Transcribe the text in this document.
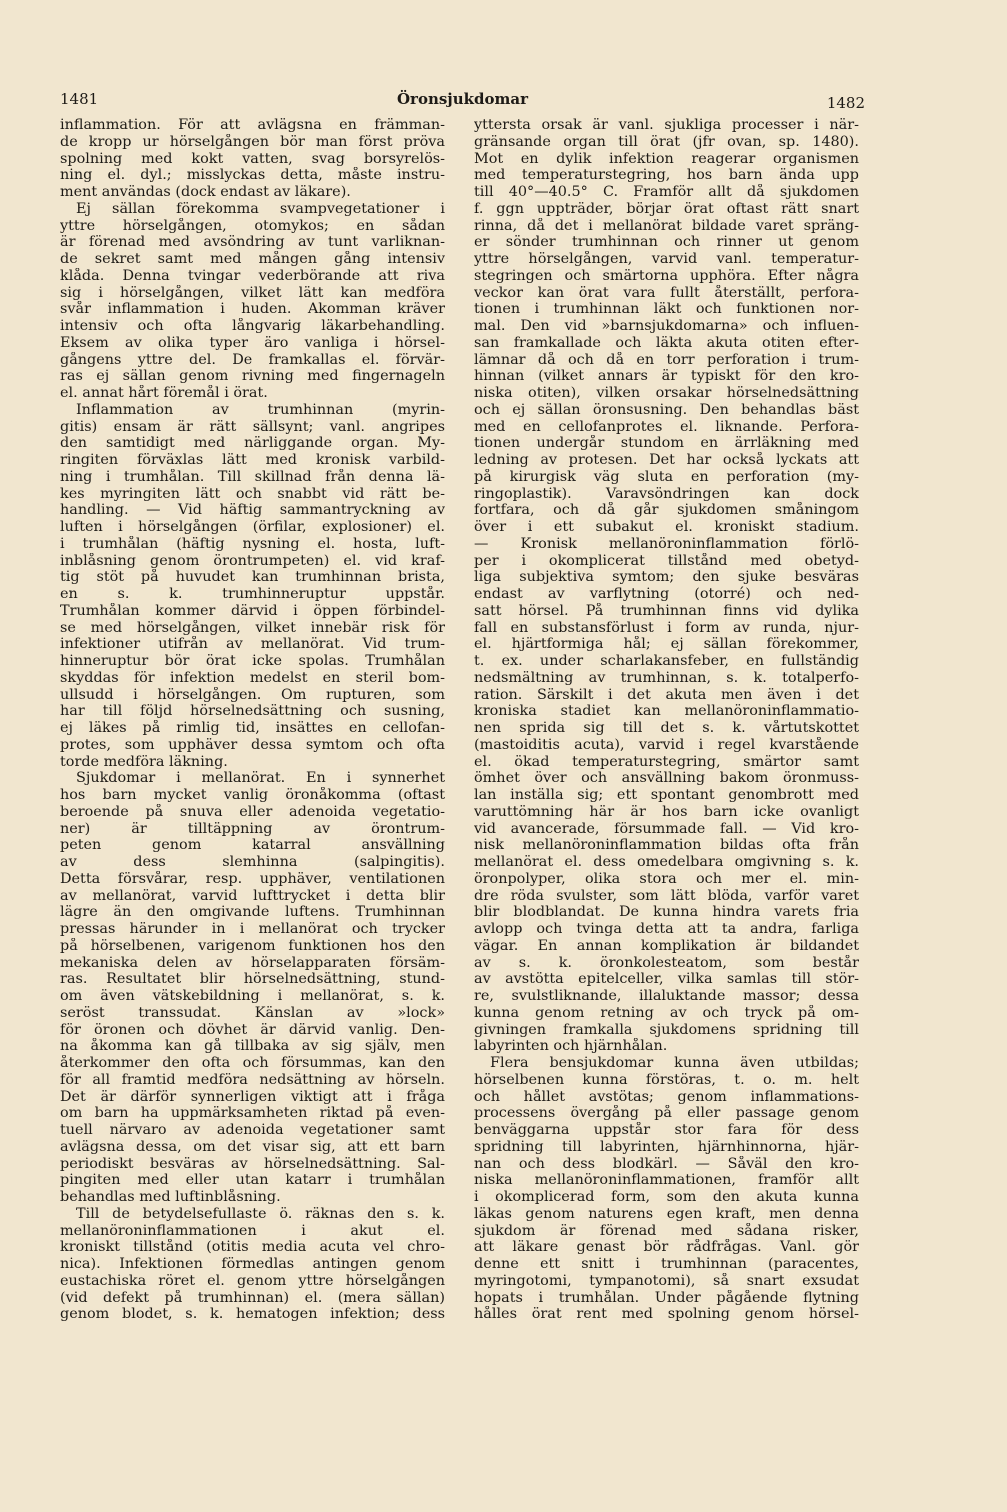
1481	Öronsjukdomar	1482
inflammation. För att avlägsna en främman-
de kropp ur hörselgången bör man först pröva
spolning med kokt vatten, svag borsyrelös-
ning el. dyl.; misslyckas detta, måste instru-
ment användas (dock endast av läkare).
Ej sällan förekomma svampvegetationer i
yttre hörselgången, otomykos; en sådan
är förenad med avsöndring av tunt varliknan-
de sekret samt med mången gång intensiv
klåda. Denna tvingar vederbörande att riva
sig i hörselgången, vilket lätt kan medföra
svår inflammation i huden. Akomman kräver
intensiv och ofta långvarig läkarbehandling.
Eksem av olika typer äro vanliga i hörsel-
gångens yttre del. De framkallas el. förvär-
ras ej sällan genom rivning med fingernageln
el. annat hårt föremål i örat.
Inflammation av trumhinnan (myrin-
gitis) ensam är rätt sällsynt; vanl. angripes
den samtidigt med närliggande organ. My-
ringiten förväxlas lätt med kronisk varbild-
ning i trumhålan. Till skillnad från denna lä-
kes myringiten lätt och snabbt vid rätt be-
handling. — Vid häftig sammantryckning av
luften i hörselgången (örfilar, explosioner) el.
i trumhålan (häftig nysning el. hosta, luft-
inblåsning genom örontrumpeten) el. vid kraf-
tig stöt på huvudet kan trumhinnan brista,
en s. k. trumhinneruptur uppstår.
Trumhålan kommer därvid i öppen förbindel-
se med hörselgången, vilket innebär risk för
infektioner utifrån av mellanörat. Vid trum-
hinneruptur bör örat icke spolas. Trumhålan
skyddas för infektion medelst en steril bom-
ullsudd i hörselgången. Om rupturen, som
har till följd hörselnedsättning och susning,
ej läkes på rimlig tid, insättes en cellofan-
protes, som upphäver dessa symtom och ofta
torde medföra läkning.
Sjukdomar i mellanörat. En i synnerhet
hos barn mycket vanlig öronåkomma (oftast
beroende på snuva eller adenoida vegetatio-
ner) är tilltäppning av örontrum-
peten genom katarral ansvällning
av dess slemhinna (salpingitis).
Detta försvårar, resp. upphäver, ventilationen
av mellanörat, varvid lufttrycket i detta blir
lägre än den omgivande luftens. Trumhinnan
pressas härunder in i mellanörat och trycker
på hörselbenen, varigenom funktionen hos den
mekaniska delen av hörselapparaten försäm-
ras. Resultatet blir hörselnedsättning, stund-
om även vätskebildning i mellanörat, s. k.
seröst transsudat. Känslan av »lock»
för öronen och dövhet är därvid vanlig. Den-
na åkomma kan gå tillbaka av sig själv, men
återkommer den ofta och försummas, kan den
för all framtid medföra nedsättning av hörseln.
Det är därför synnerligen viktigt att i fråga
om barn ha uppmärksamheten riktad på even-
tuell närvaro av adenoida vegetationer samt
avlägsna dessa, om det visar sig, att ett barn
periodiskt besväras av hörselnedsättning. Sal-
pingiten med eller utan katarr i trumhålan
behandlas med luftinblåsning.
Till de betydelsefullaste ö. räknas den s. k.
mellanöroninflammationen i akut el.
kroniskt tillstånd (otitis media acuta vel chro-
nica). Infektionen förmedlas antingen genom
eustachiska röret el. genom yttre hörselgången
(vid defekt på trumhinnan) el. (mera sällan)
genom blodet, s. k. hematogen infektion; dess
yttersta orsak är vanl. sjukliga processer i när-
gränsande organ till örat (jfr ovan, sp. 1480).
Mot en dylik infektion reagerar organismen
med temperaturstegring, hos barn ända upp
till 40°—40.5° C. Framför allt då sjukdomen
f. ggn uppträder, börjar örat oftast rätt snart
rinna, då det i mellanörat bildade varet spräng-
er sönder trumhinnan och rinner ut genom
yttre hörselgången, varvid vanl. temperatur-
stegringen och smärtorna upphöra. Efter några
veckor kan örat vara fullt återställt, perfora-
tionen i trumhinnan läkt och funktionen nor-
mal. Den vid »barnsjukdomarna» och influen-
san framkallade och läkta akuta otiten efter-
lämnar då och då en torr perforation i trum-
hinnan (vilket annars är typiskt för den kro-
niska otiten), vilken orsakar hörselnedsättning
och ej sällan öronsusning. Den behandlas bäst
med en cellofanprotes el. liknande. Perfora-
tionen undergår stundom en ärrläkning med
ledning av protesen. Det har också lyckats att
på kirurgisk väg sluta en perforation (my-
ringoplastik). Varavsöndringen kan dock
fortfara, och då går sjukdomen småningom
över i ett subakut el. kroniskt stadium.
— Kronisk mellanöroninflammation förlö-
per i okomplicerat tillstånd med obetyd-
liga subjektiva symtom; den sjuke besväras
endast av varflytning (otorré) och ned-
satt hörsel. På trumhinnan finns vid dylika
fall en substansförlust i form av runda, njur-
el. hjärtformiga hål; ej sällan förekommer,
t. ex. under scharlakansfeber, en fullständig
nedsmältning av trumhinnan, s. k. totalperfo-
ration. Särskilt i det akuta men även i det
kroniska stadiet kan mellanöroninflammatio-
nen sprida sig till det s. k. vårtutskottet
(mastoiditis acuta), varvid i regel kvarstående
el. ökad temperaturstegring, smärtor samt
ömhet över och ansvällning bakom öronmuss-
lan inställa sig; ett spontant genombrott med
varuttömning här är hos barn icke ovanligt
vid avancerade, försummade fall. — Vid kro-
nisk mellanöroninflammation bildas ofta från
mellanörat el. dess omedelbara omgivning s. k.
öronpolyper, olika stora och mer el. min-
dre röda svulster, som lätt blöda, varför varet
blir blodblandat. De kunna hindra varets fria
avlopp och tvinga detta att ta andra, farliga
vägar. En annan komplikation är bildandet
av s. k. öronkolesteatom, som består
av avstötta epitelceller, vilka samlas till stör-
re, svulstliknande, illaluktande massor; dessa
kunna genom retning av och tryck på om-
givningen framkalla sjukdomens spridning till
labyrinten och hjärnhålan.
Flera bensjukdomar kunna även utbildas;
hörselbenen kunna förstöras, t. o. m. helt
och hållet avstötas; genom inflammations-
processens övergång på eller passage genom
benväggarna uppstår stor fara för dess
spridning till labyrinten, hjärnhinnorna, hjär-
nan och dess blodkärl. — Såväl den kro-
niska mellanöroninflammationen, framför allt
i okomplicerad form, som den akuta kunna
läkas genom naturens egen kraft, men denna
sjukdom är förenad med sådana risker,
att läkare genast bör rådfrågas. Vanl. gör
denne ett snitt i trumhinnan (paracentes,
myringotomi, tympanotomi), så snart exsudat
hopats i trumhålan. Under pågående flytning
hålles örat rent med spolning genom hörsel-
